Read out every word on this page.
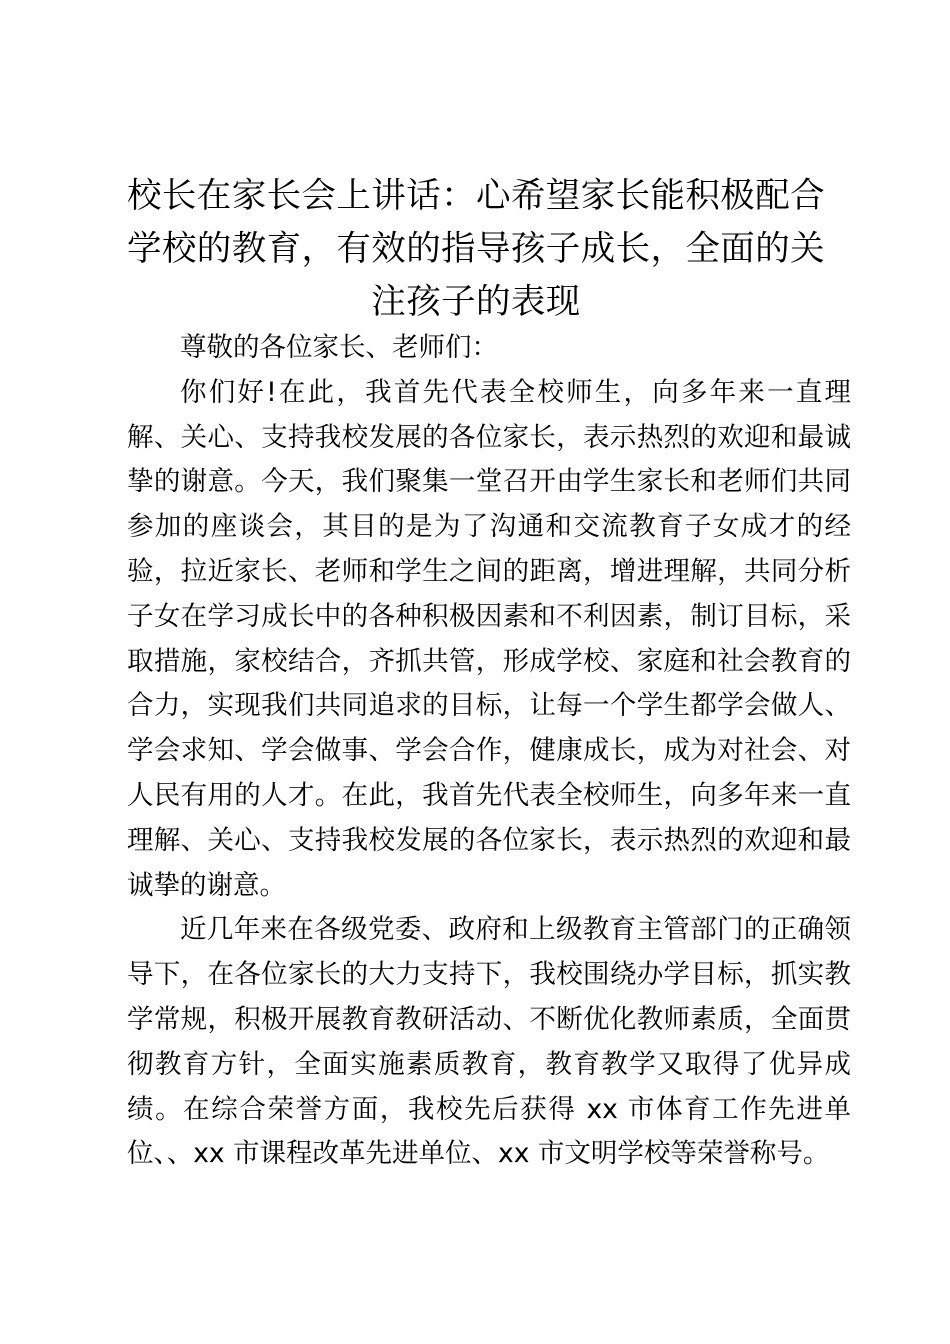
校长在家长会上讲话：心希望家长能积极配合学校的教育，有效的指导孩子成长，全面的关注孩子的表现

尊敬的各位家长、老师们：

你们好!在此，我首先代表全校师生，向多年来一直理解、关心、支持我校发展的各位家长，表示热烈的欢迎和最诚挚的谢意。今天，我们聚集一堂召开由学生家长和老师们共同参加的座谈会，其目的是为了沟通和交流教育子女成才的经验，拉近家长、老师和学生之间的距离，增进理解，共同分析子女在学习成长中的各种积极因素和不利因素，制订目标，采取措施，家校结合，齐抓共管，形成学校、家庭和社会教育的合力，实现我们共同追求的目标，让每一个学生都学会做人、学会求知、学会做事、学会合作，健康成长，成为对社会、对人民有用的人才。在此，我首先代表全校师生，向多年来一直理解、关心、支持我校发展的各位家长，表示热烈的欢迎和最诚挚的谢意。

近几年来在各级党委、政府和上级教育主管部门的正确领导下，在各位家长的大力支持下，我校围绕办学目标，抓实教学常规，积极开展教育教研活动、不断优化教师素质，全面贯彻教育方针，全面实施素质教育，教育教学又取得了优异成绩。在综合荣誉方面，我校先后获得 xx 市体育工作先进单位、、xx 市课程改革先进单位、xx 市文明学校等荣誉称号。
